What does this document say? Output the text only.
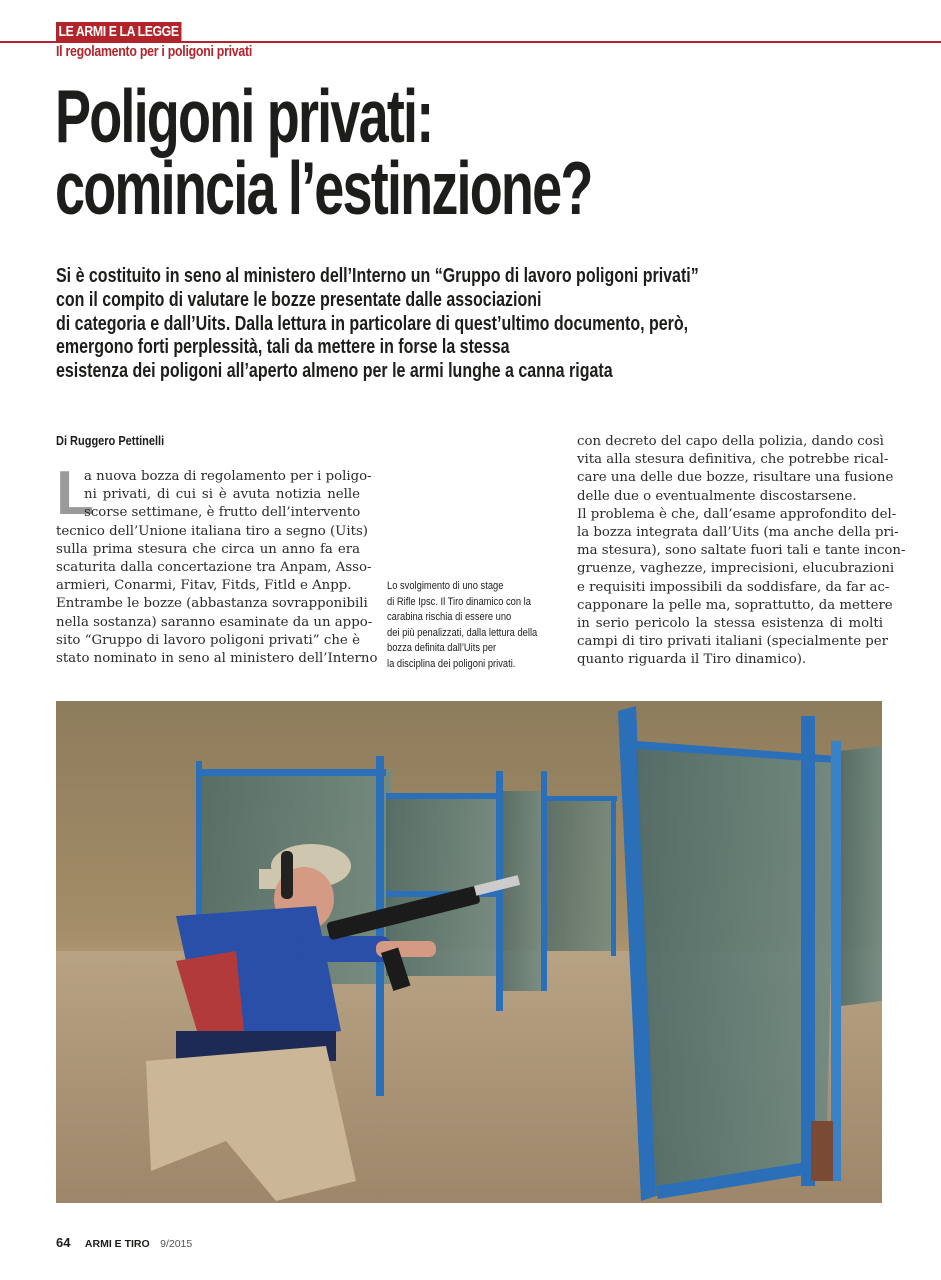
LE ARMI E LA LEGGE
Il regolamento per i poligoni privati
Poligoni privati:
comincia l’estinzione?
Si è costituito in seno al ministero dell’Interno un “Gruppo di lavoro poligoni privati”
con il compito di valutare le bozze presentate dalle associazioni
di categoria e dall’Uits. Dalla lettura in particolare di quest’ultimo documento, però,
emergono forti perplessità, tali da mettere in forse la stessa
esistenza dei poligoni all’aperto almeno per le armi lunghe a canna rigata
Di Ruggero Pettinelli
L
a nuova bozza di regolamento per i poligo-
ni privati, di cui si è avuta notizia nelle
scorse settimane, è frutto dell’intervento
tecnico dell’Unione italiana tiro a segno (Uits)
sulla prima stesura che circa un anno fa era
scaturita dalla concertazione tra Anpam, Asso-
armieri, Conarmi, Fitav, Fitds, Fitld e Anpp.
Entrambe le bozze (abbastanza sovrapponibili
nella sostanza) saranno esaminate da un appo-
sito “Gruppo di lavoro poligoni privati” che è
stato nominato in seno al ministero dell’Interno
Lo svolgimento di uno stage
di Rifle Ipsc. Il Tiro dinamico con la
carabina rischia di essere uno
dei più penalizzati, dalla lettura della
bozza definita dall’Uits per
la disciplina dei poligoni privati.
con decreto del capo della polizia, dando così
vita alla stesura definitiva, che potrebbe rical-
care una delle due bozze, risultare una fusione
delle due o eventualmente discostarsene.
Il problema è che, dall’esame approfondito del-
la bozza integrata dall’Uits (ma anche della pri-
ma stesura), sono saltate fuori tali e tante incon-
gruenze, vaghezze, imprecisioni, elucubrazioni
e requisiti impossibili da soddisfare, da far ac-
capponare la pelle ma, soprattutto, da mettere
in serio pericolo la stessa esistenza di molti
campi di tiro privati italiani (specialmente per
quanto riguarda il Tiro dinamico).
64 ARMI E TIRO 9/2015
